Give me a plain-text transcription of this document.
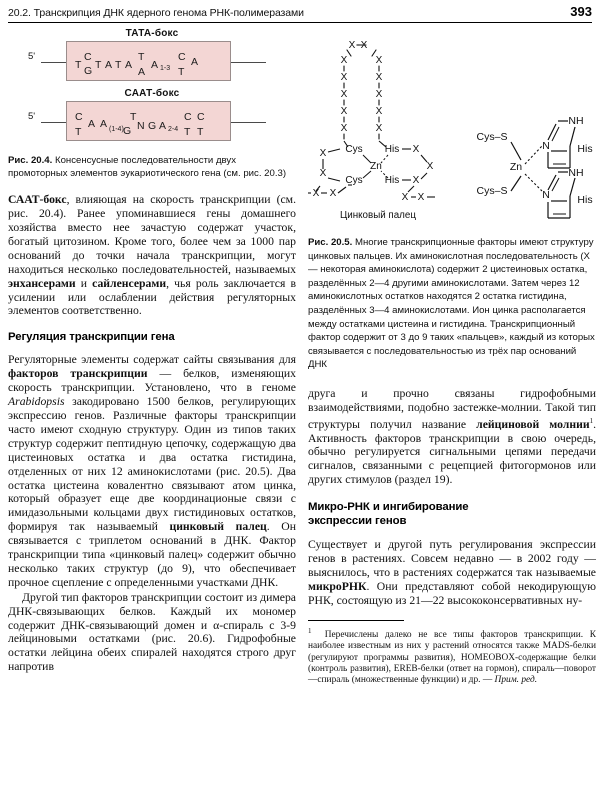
20.2. Транскрипция ДНК ядерного генома РНК-полимеразами	393
ТАТА-бокс
5'
T
C
G T A T A
T
A
A 1-3
C
T
A
СААТ-бокс
5'	C
T
A A (1-4) G
T
N G A 2-4
C C
T T
Рис. 20.4. Консенсусные последовательности двух промоторных элементов эукариотического гена (см. рис. 20.3)
СААТ-бокс, влияющая на скорость транскрипции (см. рис. 20.4). Ранее упоминавшиеся гены домашнего хозяйства вместо нее зачастую содержат участок, богатый цитозином. Кроме того, более чем за 1000 пар оснований до точки начала транскрипции, могут находиться несколько последовательностей, называемых энхансерами и сайленсерами, чья роль заключается в усилении или ослаблении действия регуляторных элементов соответственно.
Регуляция транскрипции гена
Регуляторные элементы содержат сайты связывания для факторов транскрипции — белков, изменяющих скорость транскрипции. Установлено, что в геноме Arabidopsis закодировано 1500 белков, регулирующих экспрессию генов. Различные факторы транскрипции часто имеют сходную структуру. Один из типов таких структур содержит пептидную цепочку, содержащую два цистеиновых остатка и два остатка гистидина, отделенных от них 12 аминокислотами (рис. 20.5). Два остатка цистеина ковалентно связывают атом цинка, который образует еще две координационые связи с имидазольными кольцами двух гистидиновых остатков, формируя так называемый цинковый палец. Он связывается с триплетом оснований в ДНК. Фактор транскрипции типа «цинковый палец» содержит обычно несколько таких структур (до 9), что обеспечивает прочное сцепление с определенными участками ДНК.
Другой тип факторов транскрипции состоит из димера ДНК-связывающих белков. Каждый их мономер содержит ДНК-связывающий домен и α-спираль с 3-9 лейциновыми остатками (рис. 20.6). Гидрофобные остатки лейцина обеих спиралей находятся строго друг напротив
X X
X
X
X
X
X
X
X
X
X
X
Cys
Cys
His
His
Zn
X
X
X X
X
X
X
X X
Cys–S
Cys–S
Zn
N
NH
His
N
NH
His
Цинковый палец
Рис. 20.5. Многие транскрипционные факторы имеют структуру цинковых пальцев. Их аминокислотная последовательность (X — некоторая аминокислота) содержит 2 цистеиновых остатка, разделённых 2—4 другими аминокислотами. Затем через 12 аминокислотных остатков находятся 2 остатка гистидина, разделённых 3—4 аминокислотами. Ион цинка располагается между остатками цистеина и гистидина. Транскрипционный фактор содержит от 3 до 9 таких «пальцев», каждый из которых связывается с последовательностью из трёх пар оснований ДНК
друга и прочно связаны гидрофобными взаимодействиями, подобно застежке-молнии. Такой тип структуры получил название лейциновой молнии$^1$. Активность факторов транскрипции в свою очередь, обычно регулируется сигнальными цепями передачи сигналов, связанными с рецепцией фитогормонов или других стимулов (раздел 19).
Микро-РНК и ингибирование
экспрессии генов
Существует и другой путь регулирования экспрессии генов в растениях. Совсем недавно — в 2002 году — выяснилось, что в растениях содержатся так называемые микроРНК. Они представляют собой некодирующую РНК, состоящую из 21—22 высококонсервативных ну-
$^1$ Перечислены далеко не все типы факторов транскрипции. К наиболее известным из них у растений относятся также MADS-белки (регулируют программы развития), HOMEOBOX-содержащие белки (контроль развития), EREB-белки (ответ на гормон), спираль—поворот—спираль (множественные функции) и др. — Прим. ред.
